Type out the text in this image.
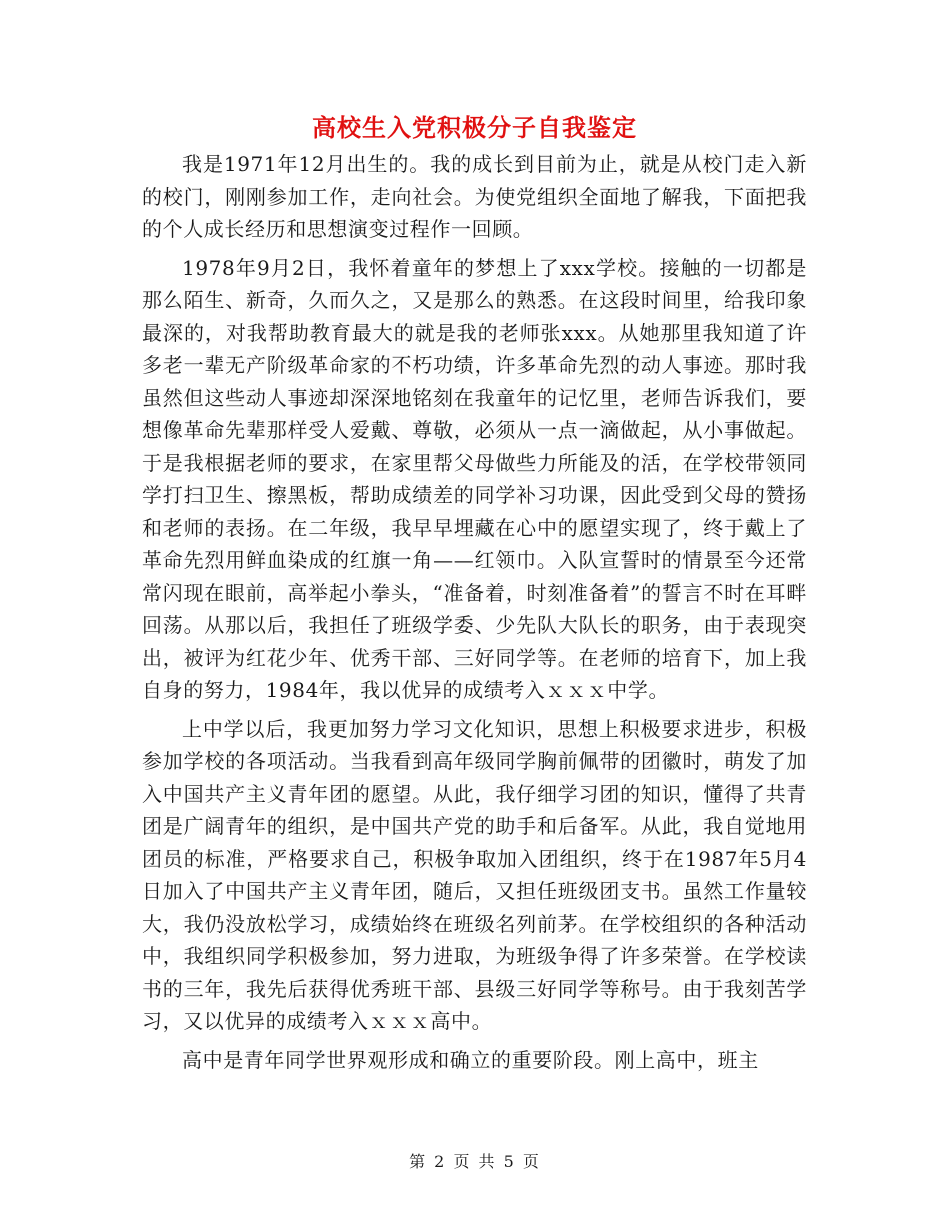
高校生入党积极分子自我鉴定

我是1971年12月出生的。我的成长到目前为止，就是从校门走入新的校门，刚刚参加工作，走向社会。为使党组织全面地了解我，下面把我的个人成长经历和思想演变过程作一回顾。

1978年9月2日，我怀着童年的梦想上了xxx学校。接触的一切都是那么陌生、新奇，久而久之，又是那么的熟悉。在这段时间里，给我印象最深的，对我帮助教育最大的就是我的老师张xxx。从她那里我知道了许多老一辈无产阶级革命家的不朽功绩，许多革命先烈的动人事迹。那时我虽然但这些动人事迹却深深地铭刻在我童年的记忆里，老师告诉我们，要想像革命先辈那样受人爱戴、尊敬，必须从一点一滴做起，从小事做起。于是我根据老师的要求，在家里帮父母做些力所能及的活，在学校带领同学打扫卫生、擦黑板，帮助成绩差的同学补习功课，因此受到父母的赞扬和老师的表扬。在二年级，我早早埋藏在心中的愿望实现了，终于戴上了革命先烈用鲜血染成的红旗一角——红领巾。入队宣誓时的情景至今还常常闪现在眼前，高举起小拳头，“准备着，时刻准备着”的誓言不时在耳畔回荡。从那以后，我担任了班级学委、少先队大队长的职务，由于表现突出，被评为红花少年、优秀干部、三好同学等。在老师的培育下，加上我自身的努力，1984年，我以优异的成绩考入ｘｘｘ中学。

上中学以后，我更加努力学习文化知识，思想上积极要求进步，积极参加学校的各项活动。当我看到高年级同学胸前佩带的团徽时，萌发了加入中国共产主义青年团的愿望。从此，我仔细学习团的知识，懂得了共青团是广阔青年的组织，是中国共产党的助手和后备军。从此，我自觉地用团员的标准，严格要求自己，积极争取加入团组织，终于在1987年5月4日加入了中国共产主义青年团，随后，又担任班级团支书。虽然工作量较大，我仍没放松学习，成绩始终在班级名列前茅。在学校组织的各种活动中，我组织同学积极参加，努力进取，为班级争得了许多荣誉。在学校读书的三年，我先后获得优秀班干部、县级三好同学等称号。由于我刻苦学习，又以优异的成绩考入ｘｘｘ高中。

高中是青年同学世界观形成和确立的重要阶段。刚上高中，班主

第 2 页 共 5 页
